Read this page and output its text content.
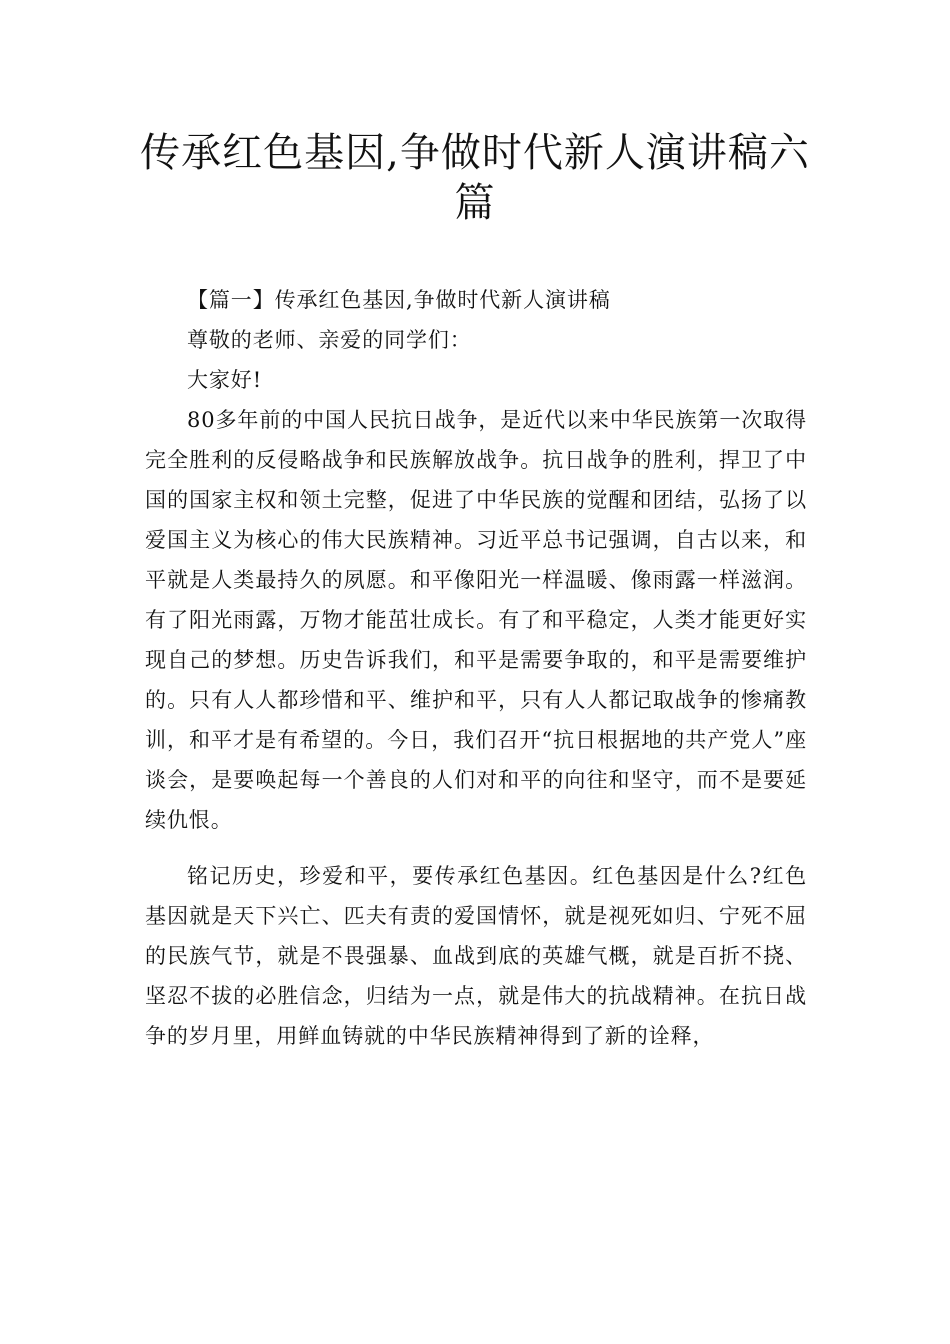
传承红色基因,争做时代新人演讲稿六篇

【篇一】传承红色基因,争做时代新人演讲稿

尊敬的老师、亲爱的同学们：

大家好!

80多年前的中国人民抗日战争，是近代以来中华民族第一次取得完全胜利的反侵略战争和民族解放战争。抗日战争的胜利，捍卫了中国的国家主权和领土完整，促进了中华民族的觉醒和团结，弘扬了以爱国主义为核心的伟大民族精神。习近平总书记强调，自古以来，和平就是人类最持久的夙愿。和平像阳光一样温暖、像雨露一样滋润。有了阳光雨露，万物才能茁壮成长。有了和平稳定，人类才能更好实现自己的梦想。历史告诉我们，和平是需要争取的，和平是需要维护的。只有人人都珍惜和平、维护和平，只有人人都记取战争的惨痛教训，和平才是有希望的。今日，我们召开“抗日根据地的共产党人”座谈会，是要唤起每一个善良的人们对和平的向往和坚守，而不是要延续仇恨。

铭记历史，珍爱和平，要传承红色基因。红色基因是什么?红色基因就是天下兴亡、匹夫有责的爱国情怀，就是视死如归、宁死不屈的民族气节，就是不畏强暴、血战到底的英雄气概，就是百折不挠、坚忍不拔的必胜信念，归结为一点，就是伟大的抗战精神。在抗日战争的岁月里，用鲜血铸就的中华民族精神得到了新的诠释，
